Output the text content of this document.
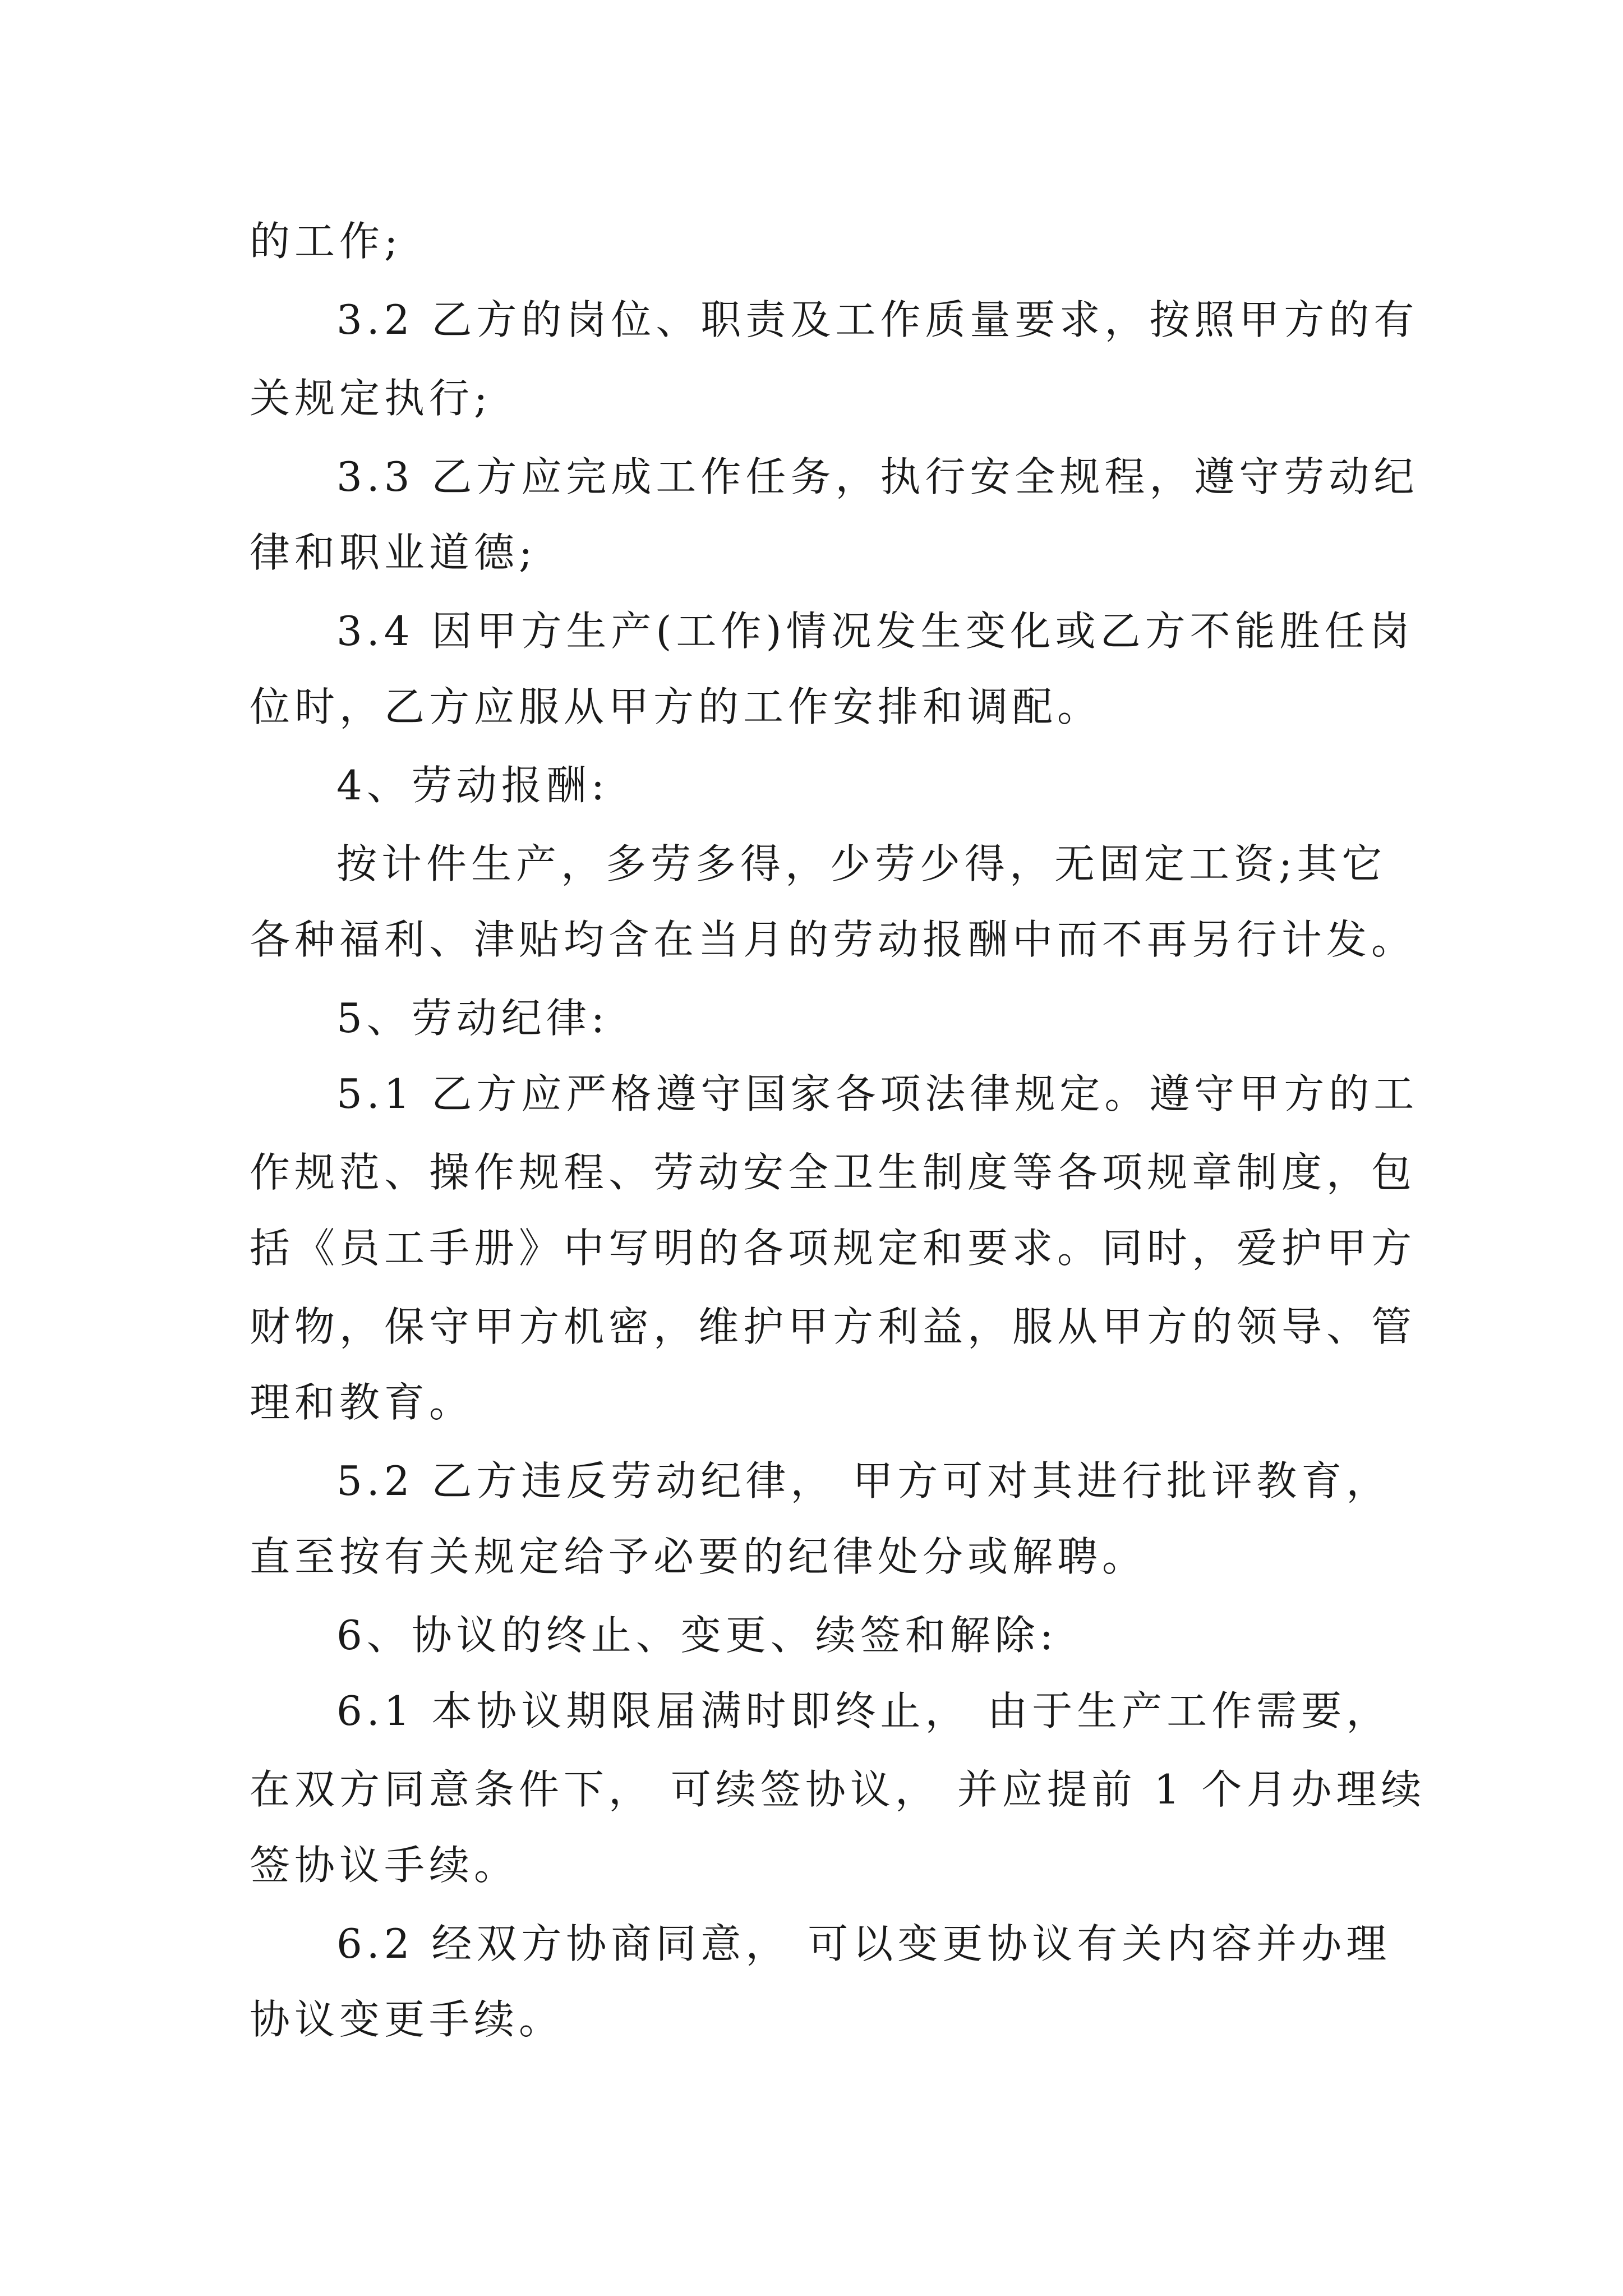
的工作;
3.2 乙方的岗位、职责及工作质量要求，按照甲方的有
关规定执行;
3.3 乙方应完成工作任务，执行安全规程，遵守劳动纪
律和职业道德;
3.4 因甲方生产(工作)情况发生变化或乙方不能胜任岗
位时，乙方应服从甲方的工作安排和调配。
4、劳动报酬:
按计件生产，多劳多得，少劳少得，无固定工资;其它
各种福利、津贴均含在当月的劳动报酬中而不再另行计发。
5、劳动纪律:
5.1 乙方应严格遵守国家各项法律规定。遵守甲方的工
作规范、操作规程、劳动安全卫生制度等各项规章制度，包
括《员工手册》中写明的各项规定和要求。同时，爱护甲方
财物，保守甲方机密，维护甲方利益，服从甲方的领导、管
理和教育。
5.2 乙方违反劳动纪律， 甲方可对其进行批评教育，
直至按有关规定给予必要的纪律处分或解聘。
6、协议的终止、变更、续签和解除:
6.1 本协议期限届满时即终止， 由于生产工作需要，
在双方同意条件下， 可续签协议， 并应提前 1 个月办理续
签协议手续。
6.2 经双方协商同意， 可以变更协议有关内容并办理
协议变更手续。
